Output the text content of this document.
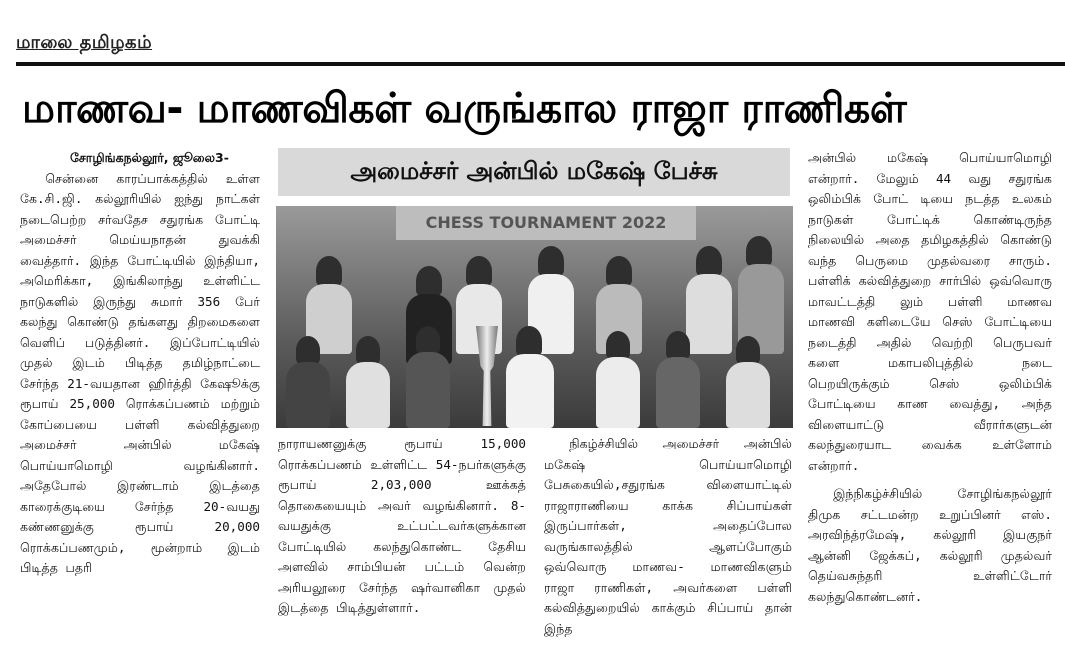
மாலை தமிழகம்
மாணவ- மாணவிகள் வருங்கால ராஜா ராணிகள்

சோழிங்கநல்லூர், ஜூலை3-

சென்னை காரப்பாக்கத்தில் உள்ள கே.சி.ஜி. கல்லூரியில் ஐந்து நாட்கள் நடைபெற்ற சர்வதேச சதுரங்க போட்டி அமைச்சர் மெய்யநாதன் துவக்கி வைத்தார். இந்த போட்டியில் இந்தியா, அமெரிக்கா, இங்கிலாந்து உள்ளிட்ட நாடுகளில் இருந்து சுமார் 356 பேர் கலந்து கொண்டு தங்களது திறமைகளை வெளிப் படுத்தினர். இப்போட்டியில் முதல் இடம் பிடித்த தமிழ்நாட்டை சேர்ந்த 21-வயதான ஹிர்த்தி கேஷூக்கு ரூபாய் 25,000 ரொக்கப்பணம் மற்றும் கோப்பையை பள்ளி கல்வித்துறை அமைச்சர் அன்பில் மகேஷ் பொய்யாமொழி வழங்கினார். அதேபோல் இரண்டாம் இடத்தை காரைக்குடியை சேர்ந்த 20-வயது கண்ணனுக்கு ரூபாய் 20,000 ரொக்கப்பணமும், மூன்றாம் இடம் பிடித்த பதரி

அமைச்சர் அன்பில் மகேஷ் பேச்சு
CHESS TOURNAMENT 2022

நாராயணனுக்கு ரூபாய் 15,000 ரொக்கப்பணம் உள்ளிட்ட 54-நபர்களுக்கு ரூபாய் 2,03,000 ஊக்கத் தொகையையும் அவர் வழங்கினார். 8-வயதுக்கு உட்பட்டவர்களுக்கான போட்டியில் கலந்துகொண்ட தேசிய அளவில் சாம்பியன் பட்டம் வென்ற அரியலூரை சேர்ந்த ஷர்வானிகா முதல் இடத்தை பிடித்துள்ளார்.

நிகழ்ச்சியில் அமைச்சர் அன்பில் மகேஷ் பொய்யாமொழி பேசுகையில்,சதுரங்க விளையாட்டில் ராஜாராணியை காக்க சிப்பாய்கள் இருப்பார்கள், அதைப்போல வருங்காலத்தில் ஆளப்போகும் ஒவ்வொரு மாணவ- மாணவிகளும் ராஜா ராணிகள், அவர்களை பள்ளி கல்வித்துறையில் காக்கும் சிப்பாய் தான் இந்த

அன்பில் மகேஷ் பொய்யாமொழி என்றார். மேலும் 44 வது சதுரங்க ஒலிம்பிக் போட் டியை நடத்த உலகம் நாடுகள் போட்டிக் கொண்டிருந்த நிலையில் அதை தமிழகத்தில் கொண்டு வந்த பெருமை முதல்வரை சாரும். பள்ளிக் கல்வித்துறை சார்பில் ஒவ்வொரு மாவட்டத்தி லும் பள்ளி மாணவ மாணவி களிடையே செஸ் போட்டியை நடைத்தி அதில் வெற்றி பெருபவர் களை மகாபலிபுத்தில் நடை பெறயிருக்கும் செஸ் ஒலிம்பிக் போட்டியை காண வைத்து, அந்த விளையாட்டு வீரார்களுடன் கலந்துரையாட வைக்க உள்ளோம் என்றார்.

இந்நிகழ்ச்சியில் சோழிங்கநல்லூர் திமுக சட்டமன்ற உறுப்பினர் எஸ். அரவிந்த்ரமேஷ், கல்லூரி இயகுநர் ஆன்னி ஜேக்கப், கல்லூரி முதல்வர் தெய்வசுந்தரி உள்ளிட்டோர் கலந்துகொண்டனர்.
